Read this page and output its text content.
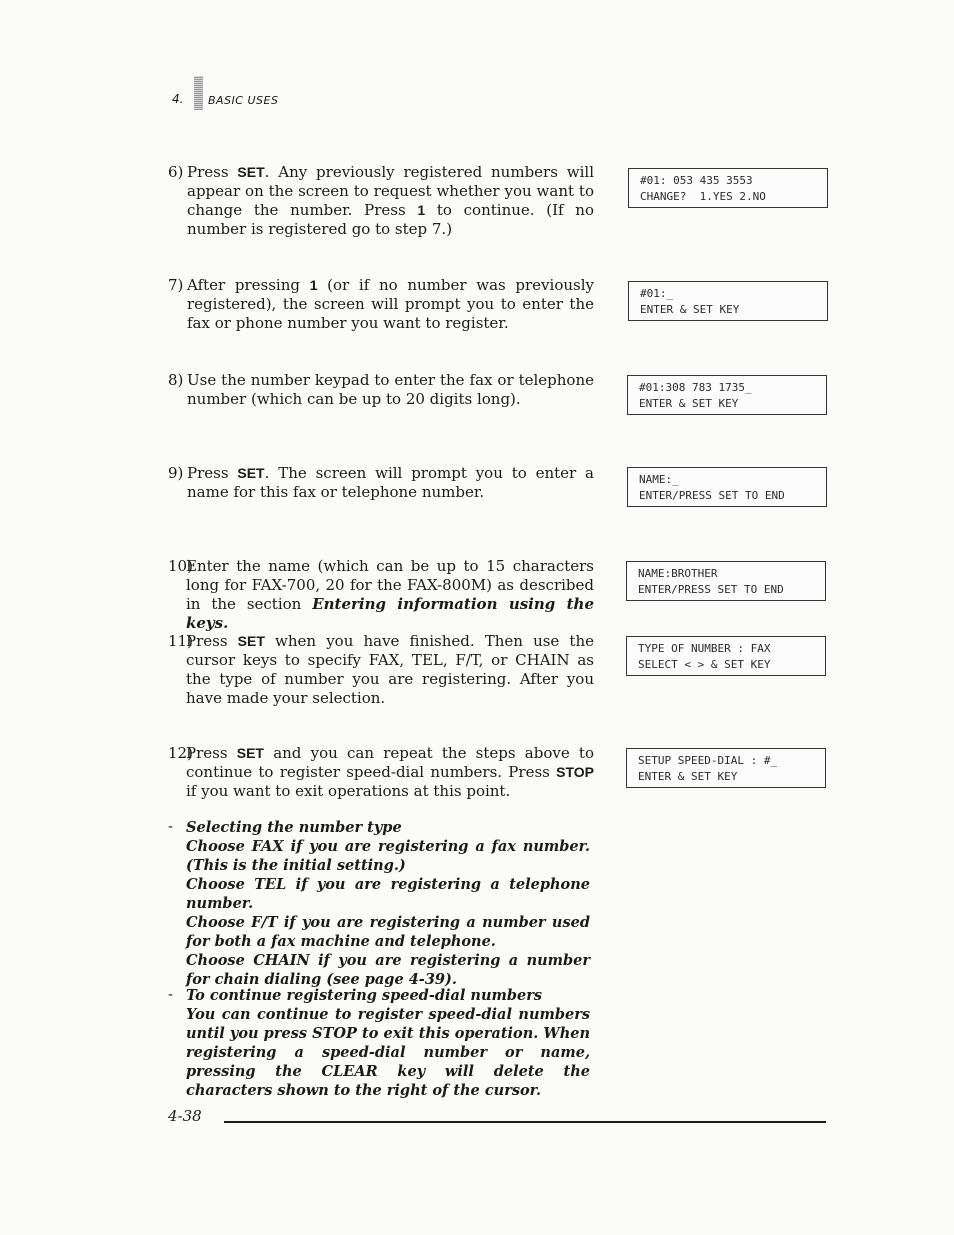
4. BASIC USES
6) Press SET. Any previously registered numbers will appear on the screen to request whether you want to change the number. Press 1 to continue. (If no number is registered go to step 7.)
7) After pressing 1 (or if no number was previously registered), the screen will prompt you to enter the fax or phone number you want to register.
8) Use the number keypad to enter the fax or telephone number (which can be up to 20 digits long).
9) Press SET. The screen will prompt you to enter a name for this fax or telephone number.
10)
Enter the name (which can be up to 15 characters long for FAX-700, 20 for the FAX-800M) as described in the section Entering information using the keys.
11)
Press SET when you have finished. Then use the cursor keys to specify FAX, TEL, F/T, or CHAIN as the type of number you are registering. After you have made your selection.
12)
Press SET and you can repeat the steps above to continue to register speed-dial numbers. Press STOP if you want to exit operations at this point.
#01: 053 435 3553
CHANGE?  1.YES 2.NO
#01:_
ENTER & SET KEY
#01:308 783 1735_
ENTER & SET KEY
NAME:_
ENTER/PRESS SET TO END
NAME:BROTHER
ENTER/PRESS SET TO END
TYPE OF NUMBER : FAX
SELECT < > & SET KEY
SETUP SPEED-DIAL : #_
ENTER & SET KEY
- Selecting the number type
Choose FAX if you are registering a fax number. (This is the initial setting.)
Choose TEL if you are registering a telephone number.
Choose F/T if you are registering a number used for both a fax machine and telephone.
Choose CHAIN if you are registering a number for chain dialing (see page 4-39).
- To continue registering speed-dial numbers
You can continue to register speed-dial numbers until you press STOP to exit this operation. When registering a speed-dial number or name, pressing the CLEAR key will delete the characters shown to the right of the cursor.
4-38
